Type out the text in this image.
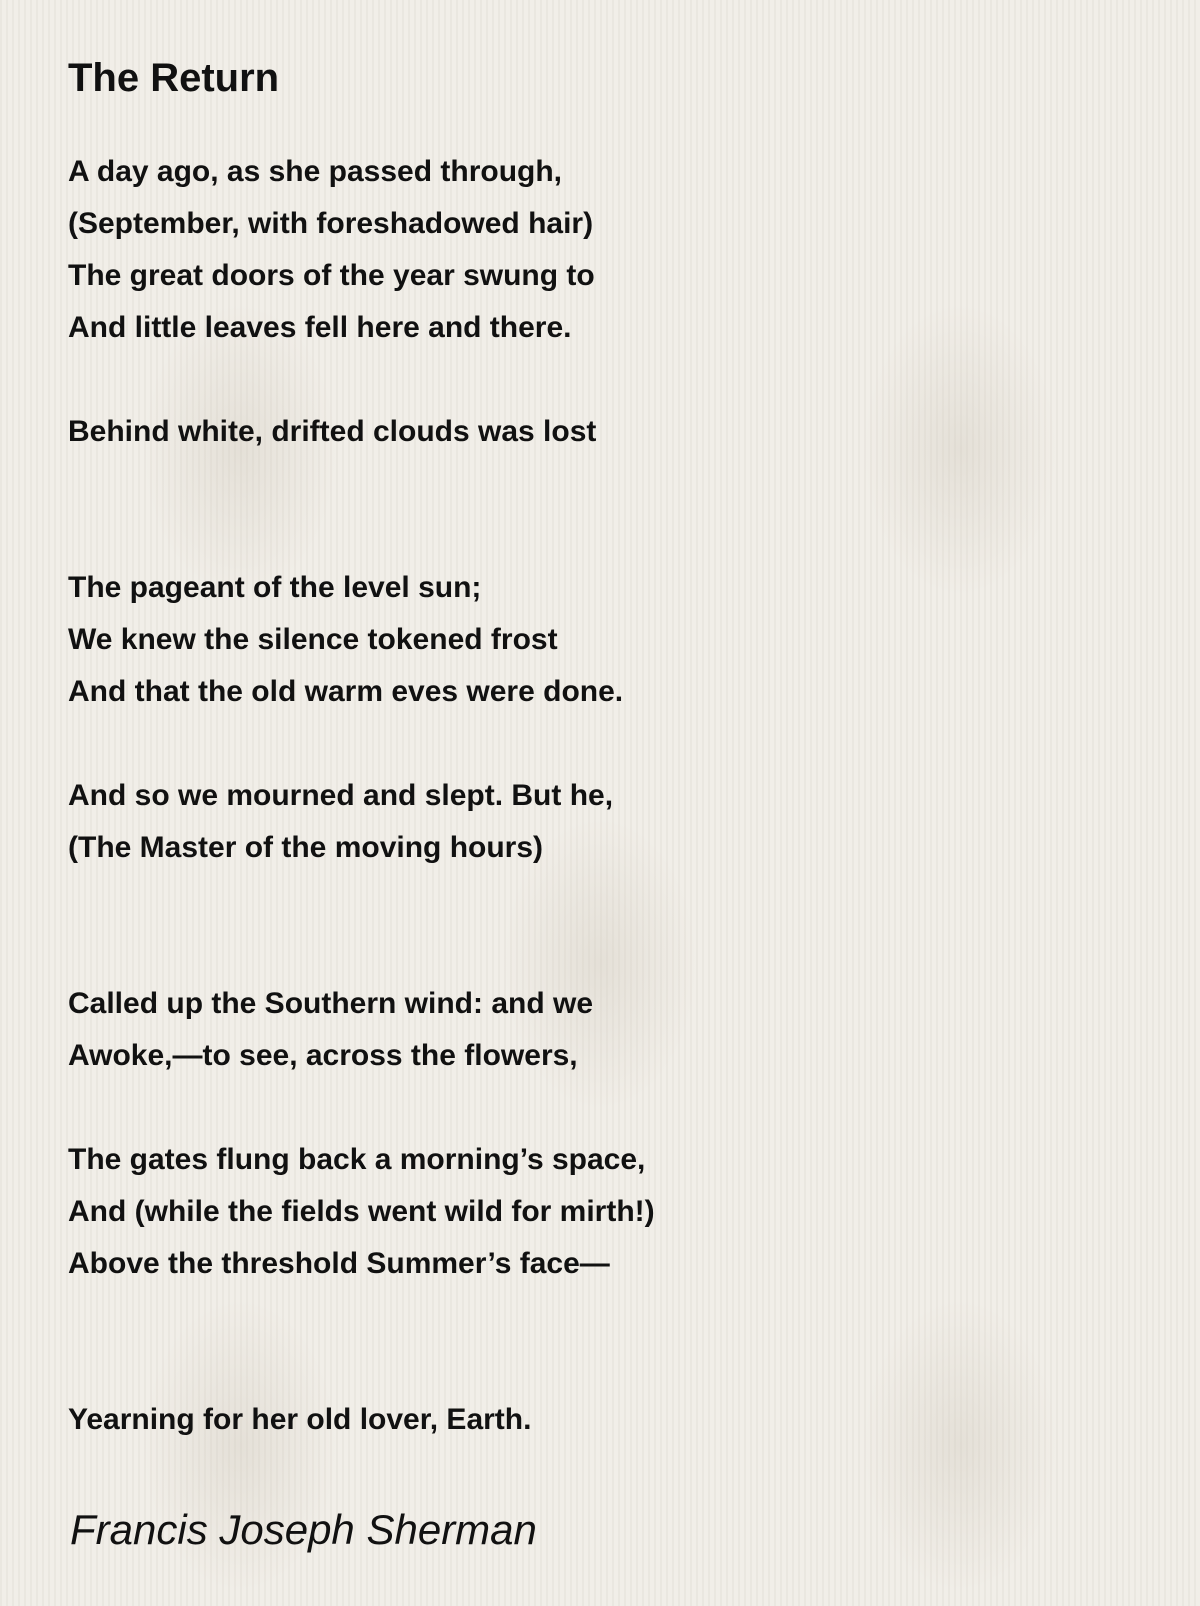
The Return
A day ago, as she passed through,
(September, with foreshadowed hair)
The great doors of the year swung to
And little leaves fell here and there.
Behind white, drifted clouds was lost
The pageant of the level sun;
We knew the silence tokened frost
And that the old warm eves were done.
And so we mourned and slept. But he,
(The Master of the moving hours)
Called up the Southern wind: and we
Awoke,—to see, across the flowers,
The gates flung back a morning’s space,
And (while the fields went wild for mirth!)
Above the threshold Summer’s face—
Yearning for her old lover, Earth.
Francis Joseph Sherman
